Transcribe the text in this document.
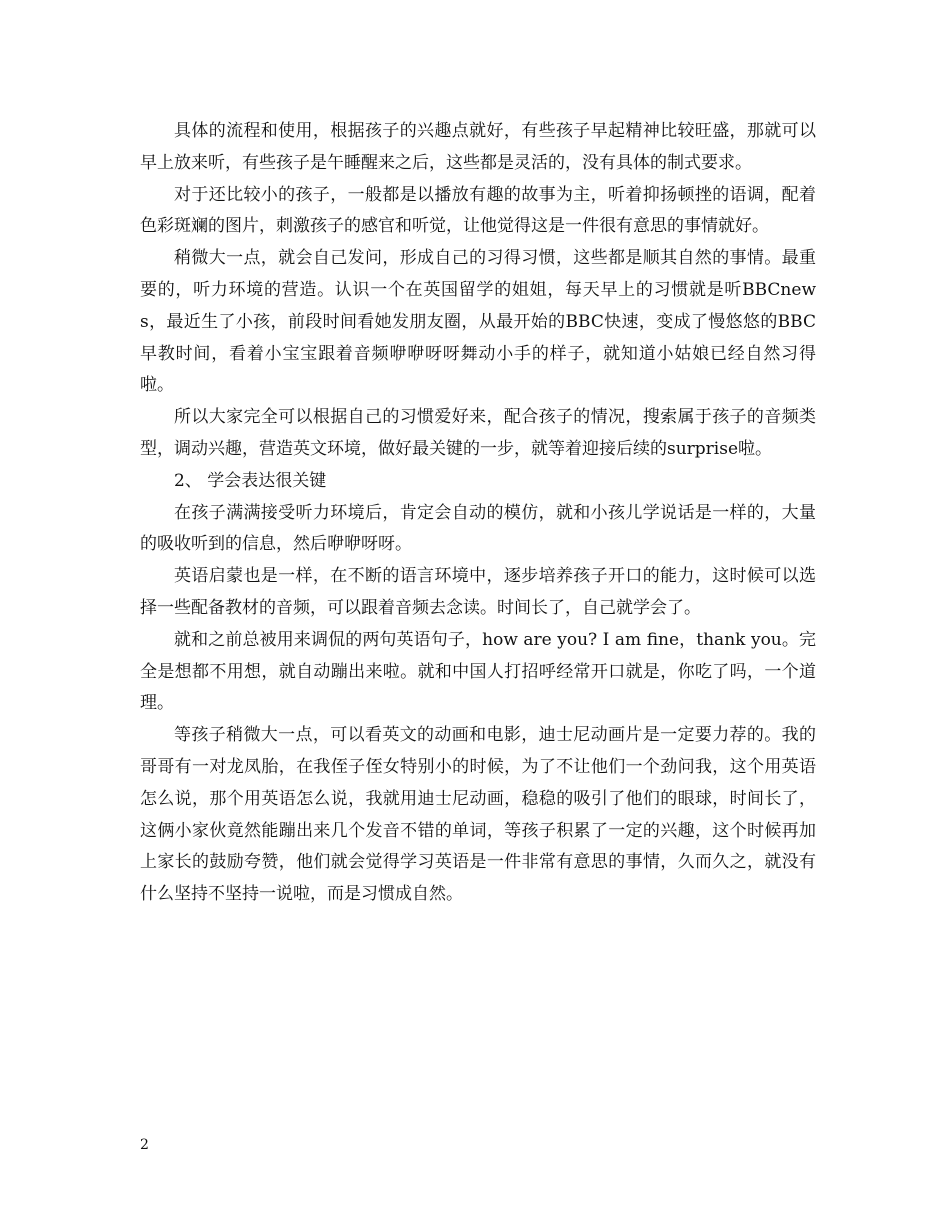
具体的流程和使用，根据孩子的兴趣点就好，有些孩子早起精神比较旺盛，那就可以早上放来听，有些孩子是午睡醒来之后，这些都是灵活的，没有具体的制式要求。

对于还比较小的孩子，一般都是以播放有趣的故事为主，听着抑扬顿挫的语调，配着色彩斑斓的图片，刺激孩子的感官和听觉，让他觉得这是一件很有意思的事情就好。

稍微大一点，就会自己发问，形成自己的习得习惯，这些都是顺其自然的事情。最重要的，听力环境的营造。认识一个在英国留学的姐姐，每天早上的习惯就是听BBCnews，最近生了小孩，前段时间看她发朋友圈，从最开始的BBC快速，变成了慢悠悠的BBC早教时间，看着小宝宝跟着音频咿咿呀呀舞动小手的样子，就知道小姑娘已经自然习得啦。

所以大家完全可以根据自己的习惯爱好来，配合孩子的情况，搜索属于孩子的音频类型，调动兴趣，营造英文环境，做好最关键的一步，就等着迎接后续的surprise啦。

2、 学会表达很关键

在孩子满满接受听力环境后，肯定会自动的模仿，就和小孩儿学说话是一样的，大量的吸收听到的信息，然后咿咿呀呀。

英语启蒙也是一样，在不断的语言环境中，逐步培养孩子开口的能力，这时候可以选择一些配备教材的音频，可以跟着音频去念读。时间长了，自己就学会了。

就和之前总被用来调侃的两句英语句子，how are you? I am fine，thank you。完全是想都不用想，就自动蹦出来啦。就和中国人打招呼经常开口就是，你吃了吗，一个道理。

等孩子稍微大一点，可以看英文的动画和电影，迪士尼动画片是一定要力荐的。我的哥哥有一对龙凤胎，在我侄子侄女特别小的时候，为了不让他们一个劲问我，这个用英语怎么说，那个用英语怎么说，我就用迪士尼动画，稳稳的吸引了他们的眼球，时间长了，这俩小家伙竟然能蹦出来几个发音不错的单词，等孩子积累了一定的兴趣，这个时候再加上家长的鼓励夸赞，他们就会觉得学习英语是一件非常有意思的事情，久而久之，就没有什么坚持不坚持一说啦，而是习惯成自然。

2
